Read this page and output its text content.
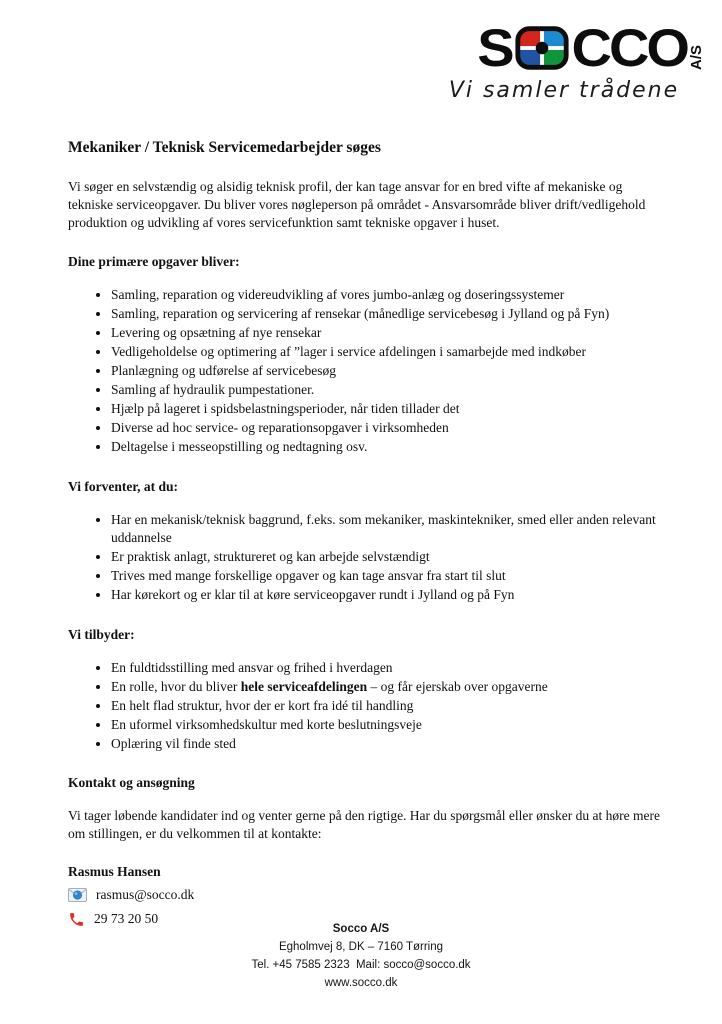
S CCO A/S
Vi samler trådene
Mekaniker / Teknisk Servicemedarbejder søges

Vi søger en selvstændig og alsidig teknisk profil, der kan tage ansvar for en bred vifte af mekaniske og tekniske serviceopgaver. Du bliver vores nøgleperson på området - Ansvarsområde bliver drift/vedligehold produktion og udvikling af vores servicefunktion samt tekniske opgaver i huset.

Dine primære opgaver bliver:
• Samling, reparation og videreudvikling af vores jumbo-anlæg og doseringssystemer
• Samling, reparation og servicering af rensekar (månedlige servicebesøg i Jylland og på Fyn)
• Levering og opsætning af nye rensekar
• Vedligeholdelse og optimering af ”lager i service afdelingen i samarbejde med indkøber
• Planlægning og udførelse af servicebesøg
• Samling af hydraulik pumpestationer.
• Hjælp på lageret i spidsbelastningsperioder, når tiden tillader det
• Diverse ad hoc service- og reparationsopgaver i virksomheden
• Deltagelse i messeopstilling og nedtagning osv.
Vi forventer, at du:
• Har en mekanisk/teknisk baggrund, f.eks. som mekaniker, maskintekniker, smed eller anden relevant uddannelse
• Er praktisk anlagt, struktureret og kan arbejde selvstændigt
• Trives med mange forskellige opgaver og kan tage ansvar fra start til slut
• Har kørekort og er klar til at køre serviceopgaver rundt i Jylland og på Fyn
Vi tilbyder:
• En fuldtidsstilling med ansvar og frihed i hverdagen
• En rolle, hvor du bliver hele serviceafdelingen – og får ejerskab over opgaverne
• En helt flad struktur, hvor der er kort fra idé til handling
• En uformel virksomhedskultur med korte beslutningsveje
• Oplæring vil finde sted
Kontakt og ansøgning

Vi tager løbende kandidater ind og venter gerne på den rigtige. Har du spørgsmål eller ønsker du at høre mere om stillingen, er du velkommen til at kontakte:

Rasmus Hansen
rasmus@socco.dk
29 73 20 50
Socco A/S
Egholmvej 8, DK – 7160 Tørring
Tel. +45 7585 2323  Mail: socco@socco.dk
www.socco.dk
